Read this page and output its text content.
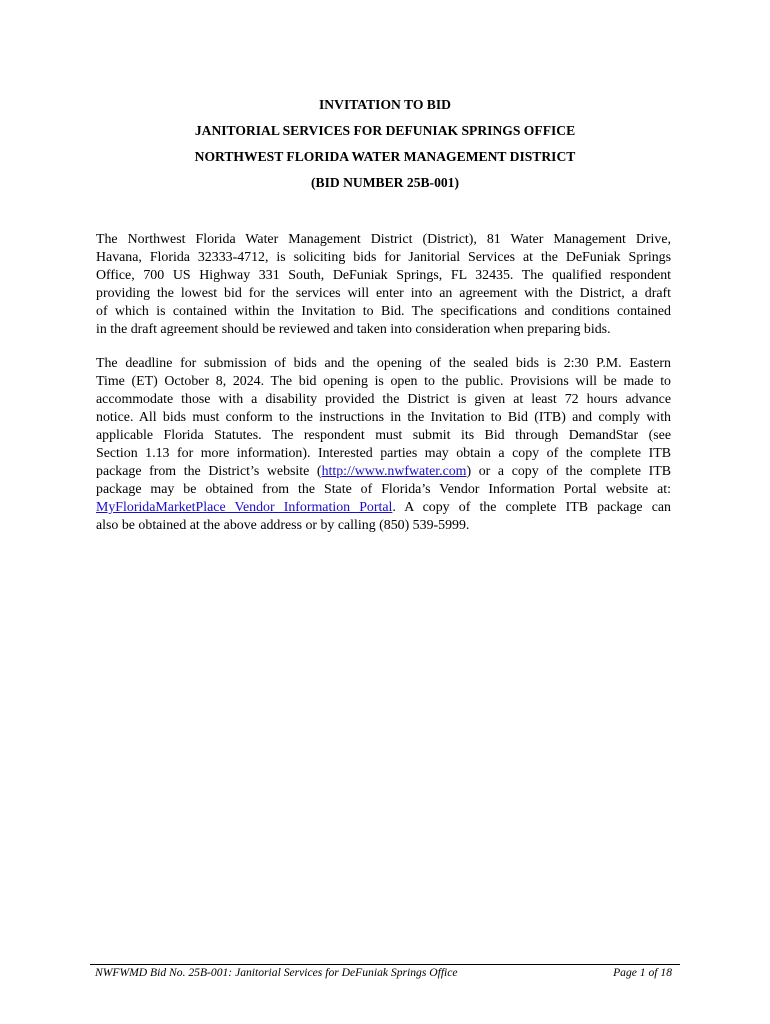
INVITATION TO BID
JANITORIAL SERVICES FOR DEFUNIAK SPRINGS OFFICE
NORTHWEST FLORIDA WATER MANAGEMENT DISTRICT
(BID NUMBER 25B-001)
The Northwest Florida Water Management District (District), 81 Water Management Drive,
Havana, Florida 32333-4712, is soliciting bids for Janitorial Services at the DeFuniak Springs
Office, 700 US Highway 331 South, DeFuniak Springs, FL 32435. The qualified respondent
providing the lowest bid for the services will enter into an agreement with the District, a draft
of which is contained within the Invitation to Bid. The specifications and conditions contained
in the draft agreement should be reviewed and taken into consideration when preparing bids.
The deadline for submission of bids and the opening of the sealed bids is 2:30 P.M. Eastern
Time (ET) October 8, 2024. The bid opening is open to the public. Provisions will be made to
accommodate those with a disability provided the District is given at least 72 hours advance
notice. All bids must conform to the instructions in the Invitation to Bid (ITB) and comply with
applicable Florida Statutes. The respondent must submit its Bid through DemandStar (see
Section 1.13 for more information). Interested parties may obtain a copy of the complete ITB
package from the District’s website (http://www.nwfwater.com) or a copy of the complete ITB
package may be obtained from the State of Florida’s Vendor Information Portal website at:
MyFloridaMarketPlace Vendor Information Portal. A copy of the complete ITB package can
also be obtained at the above address or by calling (850) 539-5999.
NWFWMD Bid No. 25B-001: Janitorial Services for DeFuniak Springs Office	Page 1 of 18
